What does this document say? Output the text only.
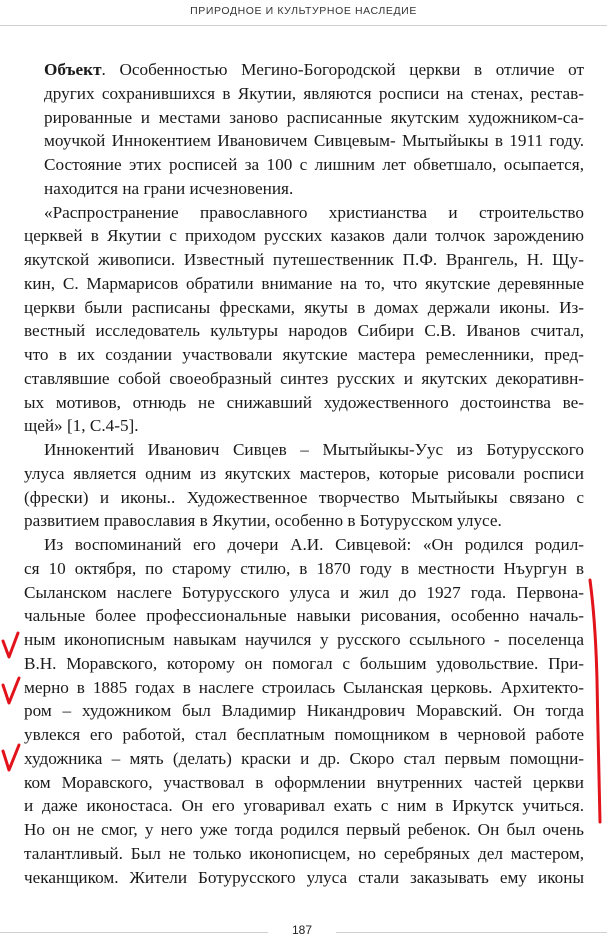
ПРИРОДНОЕ И КУЛЬТУРНОЕ НАСЛЕДИЕ
Объект. Особенностью Мегино-Богородской церкви в отличие от
других сохранившихся в Якутии, являются росписи на стенах, рестав-
рированные и местами заново расписанные якутским художником-са-
моучкой Иннокентием Ивановичем Сивцевым- Мытыйыкы в 1911 году.
Состояние этих росписей за 100 с лишним лет обветшало, осыпается,
находится на грани исчезновения.
«Распространение православного христианства и строительство
церквей в Якутии с приходом русских казаков дали толчок зарождению
якутской живописи. Известный путешественник П.Ф. Врангель, Н. Щу-
кин, С. Мармарисов обратили внимание на то, что якутские деревянные
церкви были расписаны фресками, якуты в домах держали иконы. Из-
вестный исследователь культуры народов Сибири С.В. Иванов считал,
что в их создании участвовали якутские мастера ремесленники, пред-
ставлявшие собой своеобразный синтез русских и якутских декоративн-
ых мотивов, отнюдь не снижавший художественного достоинства ве-
щей» [1, С.4-5].
Иннокентий Иванович Сивцев – Мытыйыкы-Уус из Ботурусского
улуса является одним из якутских мастеров, которые рисовали росписи
(фрески) и иконы.. Художественное творчество Мытыйыкы связано с
развитием православия в Якутии, особенно в Ботурусском улусе.
Из воспоминаний его дочери А.И. Сивцевой: «Он родился родил-
ся 10 октября, по старому стилю, в 1870 году в местности Нъургун в
Сыланском наслеге Ботурусского улуса и жил до 1927 года. Первона-
чальные более профессиональные навыки рисования, особенно началь-
ным иконописным навыкам научился у русского ссыльного - поселенца
В.Н. Моравского, которому он помогал с большим удовольствие. При-
мерно в 1885 годах в наслеге строилась Сыланская церковь. Архитекто-
ром – художником был Владимир Никандрович Моравский. Он тогда
увлекся его работой, стал бесплатным помощником в черновой работе
художника – мять (делать) краски и др. Скоро стал первым помощни-
ком Моравского, участвовал в оформлении внутренних частей церкви
и даже иконостаса. Он его уговаривал ехать с ним в Иркутск учиться.
Но он не смог, у него уже тогда родился первый ребенок. Он был очень
талантливый. Был не только иконописцем, но серебряных дел мастером,
чеканщиком. Жители Ботурусского улуса стали заказывать ему иконы
187
